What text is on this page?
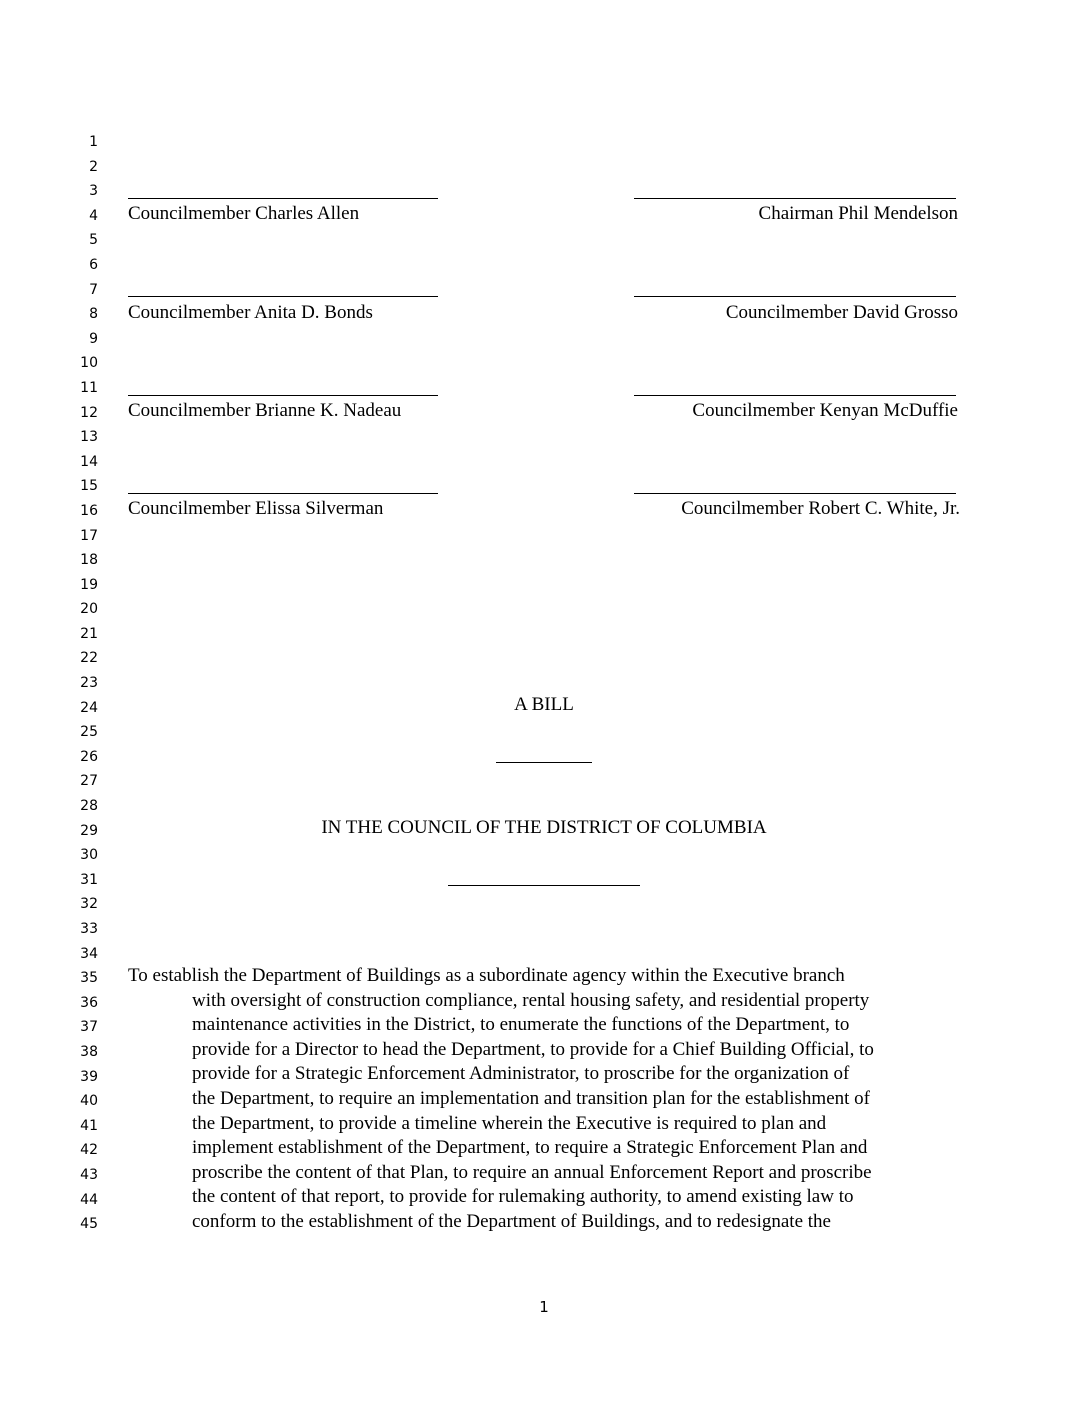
1
2
3
4
5
6
7
8
9
10
11
12
13
14
15
16
17
18
19
20
21
22
23
24
25
26
27
28
29
30
31
32
33
34
35
36
37
38
39
40
41
42
43
44
45
Councilmember Charles Allen	Chairman Phil Mendelson
Councilmember Anita D. Bonds	Councilmember David Grosso
Councilmember Brianne K. Nadeau	Councilmember Kenyan McDuffie
Councilmember Elissa Silverman	Councilmember Robert C. White, Jr.
A BILL
IN THE COUNCIL OF THE DISTRICT OF COLUMBIA
To establish the Department of Buildings as a subordinate agency within the Executive branch
with oversight of construction compliance, rental housing safety, and residential property
maintenance activities in the District, to enumerate the functions of the Department, to
provide for a Director to head the Department, to provide for a Chief Building Official, to
provide for a Strategic Enforcement Administrator, to proscribe for the organization of
the Department, to require an implementation and transition plan for the establishment of
the Department, to provide a timeline wherein the Executive is required to plan and
implement establishment of the Department, to require a Strategic Enforcement Plan and
proscribe the content of that Plan, to require an annual Enforcement Report and proscribe
the content of that report, to provide for rulemaking authority, to amend existing law to
conform to the establishment of the Department of Buildings, and to redesignate the
1
